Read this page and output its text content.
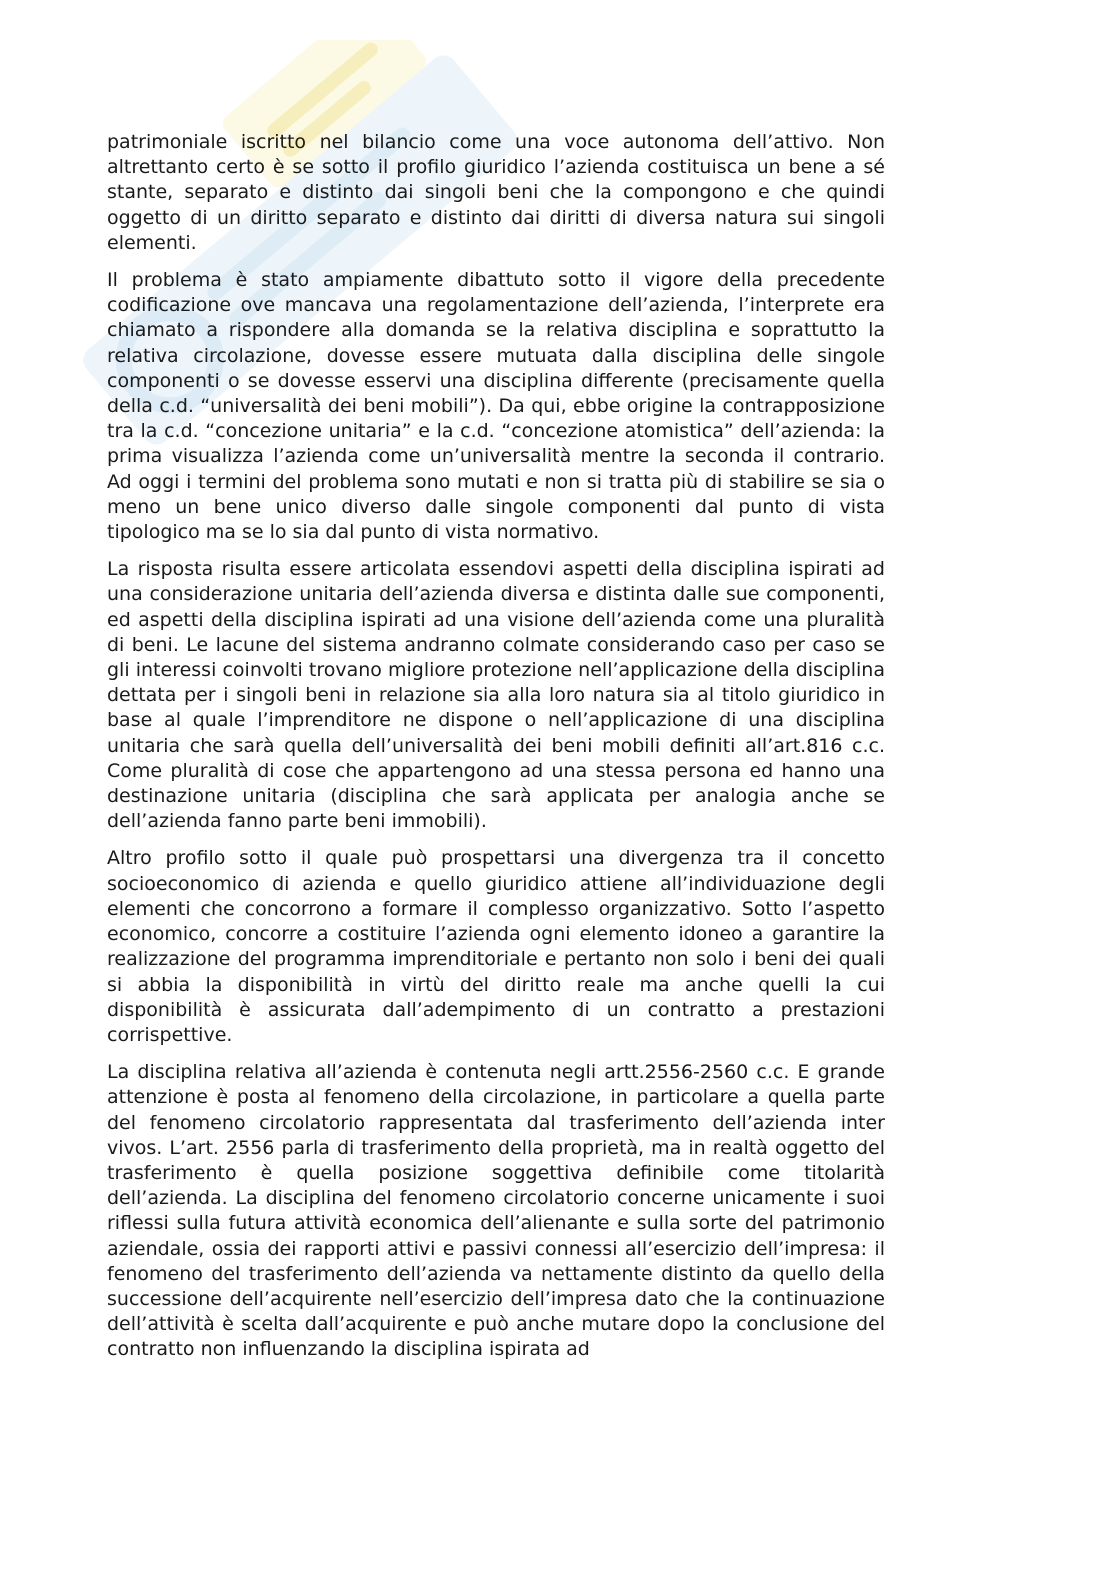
patrimoniale iscritto nel bilancio come una voce autonoma dell’attivo. Non altrettanto certo è se sotto il profilo giuridico l’azienda costituisca un bene a sé stante, separato e distinto dai singoli beni che la compongono e che quindi oggetto di un diritto separato e distinto dai diritti di diversa natura sui singoli elementi.

Il problema è stato ampiamente dibattuto sotto il vigore della precedente codificazione ove mancava una regolamentazione dell’azienda, l’interprete era chiamato a rispondere alla domanda se la relativa disciplina e soprattutto la relativa circolazione, dovesse essere mutuata dalla disciplina delle singole componenti o se dovesse esservi una disciplina differente (precisamente quella della c.d. “universalità dei beni mobili”). Da qui, ebbe origine la contrapposizione tra la c.d. “concezione unitaria” e la c.d. “concezione atomistica” dell’azienda: la prima visualizza l’azienda come un’universalità mentre la seconda il contrario. Ad oggi i termini del problema sono mutati e non si tratta più di stabilire se sia o meno un bene unico diverso dalle singole componenti dal punto di vista tipologico ma se lo sia dal punto di vista normativo.

La risposta risulta essere articolata essendovi aspetti della disciplina ispirati ad una considerazione unitaria dell’azienda diversa e distinta dalle sue componenti, ed aspetti della disciplina ispirati ad una visione dell’azienda come una pluralità di beni. Le lacune del sistema andranno colmate considerando caso per caso se gli interessi coinvolti trovano migliore protezione nell’applicazione della disciplina dettata per i singoli beni in relazione sia alla loro natura sia al titolo giuridico in base al quale l’imprenditore ne dispone o nell’applicazione di una disciplina unitaria che sarà quella dell’universalità dei beni mobili definiti all’art.816 c.c. Come pluralità di cose che appartengono ad una stessa persona ed hanno una destinazione unitaria (disciplina che sarà applicata per analogia anche se dell’azienda fanno parte beni immobili).

Altro profilo sotto il quale può prospettarsi una divergenza tra il concetto socioeconomico di azienda e quello giuridico attiene all’individuazione degli elementi che concorrono a formare il complesso organizzativo. Sotto l’aspetto economico, concorre a costituire l’azienda ogni elemento idoneo a garantire la realizzazione del programma imprenditoriale e pertanto non solo i beni dei quali si abbia la disponibilità in virtù del diritto reale ma anche quelli la cui disponibilità è assicurata dall’adempimento di un contratto a prestazioni corrispettive.

La disciplina relativa all’azienda è contenuta negli artt.2556-2560 c.c. E grande attenzione è posta al fenomeno della circolazione, in particolare a quella parte del fenomeno circolatorio rappresentata dal trasferimento dell’azienda inter vivos. L’art. 2556 parla di trasferimento della proprietà, ma in realtà oggetto del trasferimento è quella posizione soggettiva definibile come titolarità dell’azienda. La disciplina del fenomeno circolatorio concerne unicamente i suoi riflessi sulla futura attività economica dell’alienante e sulla sorte del patrimonio aziendale, ossia dei rapporti attivi e passivi connessi all’esercizio dell’impresa: il fenomeno del trasferimento dell’azienda va nettamente distinto da quello della successione dell’acquirente nell’esercizio dell’impresa dato che la continuazione dell’attività è scelta dall’acquirente e può anche mutare dopo la conclusione del contratto non influenzando la disciplina ispirata ad
